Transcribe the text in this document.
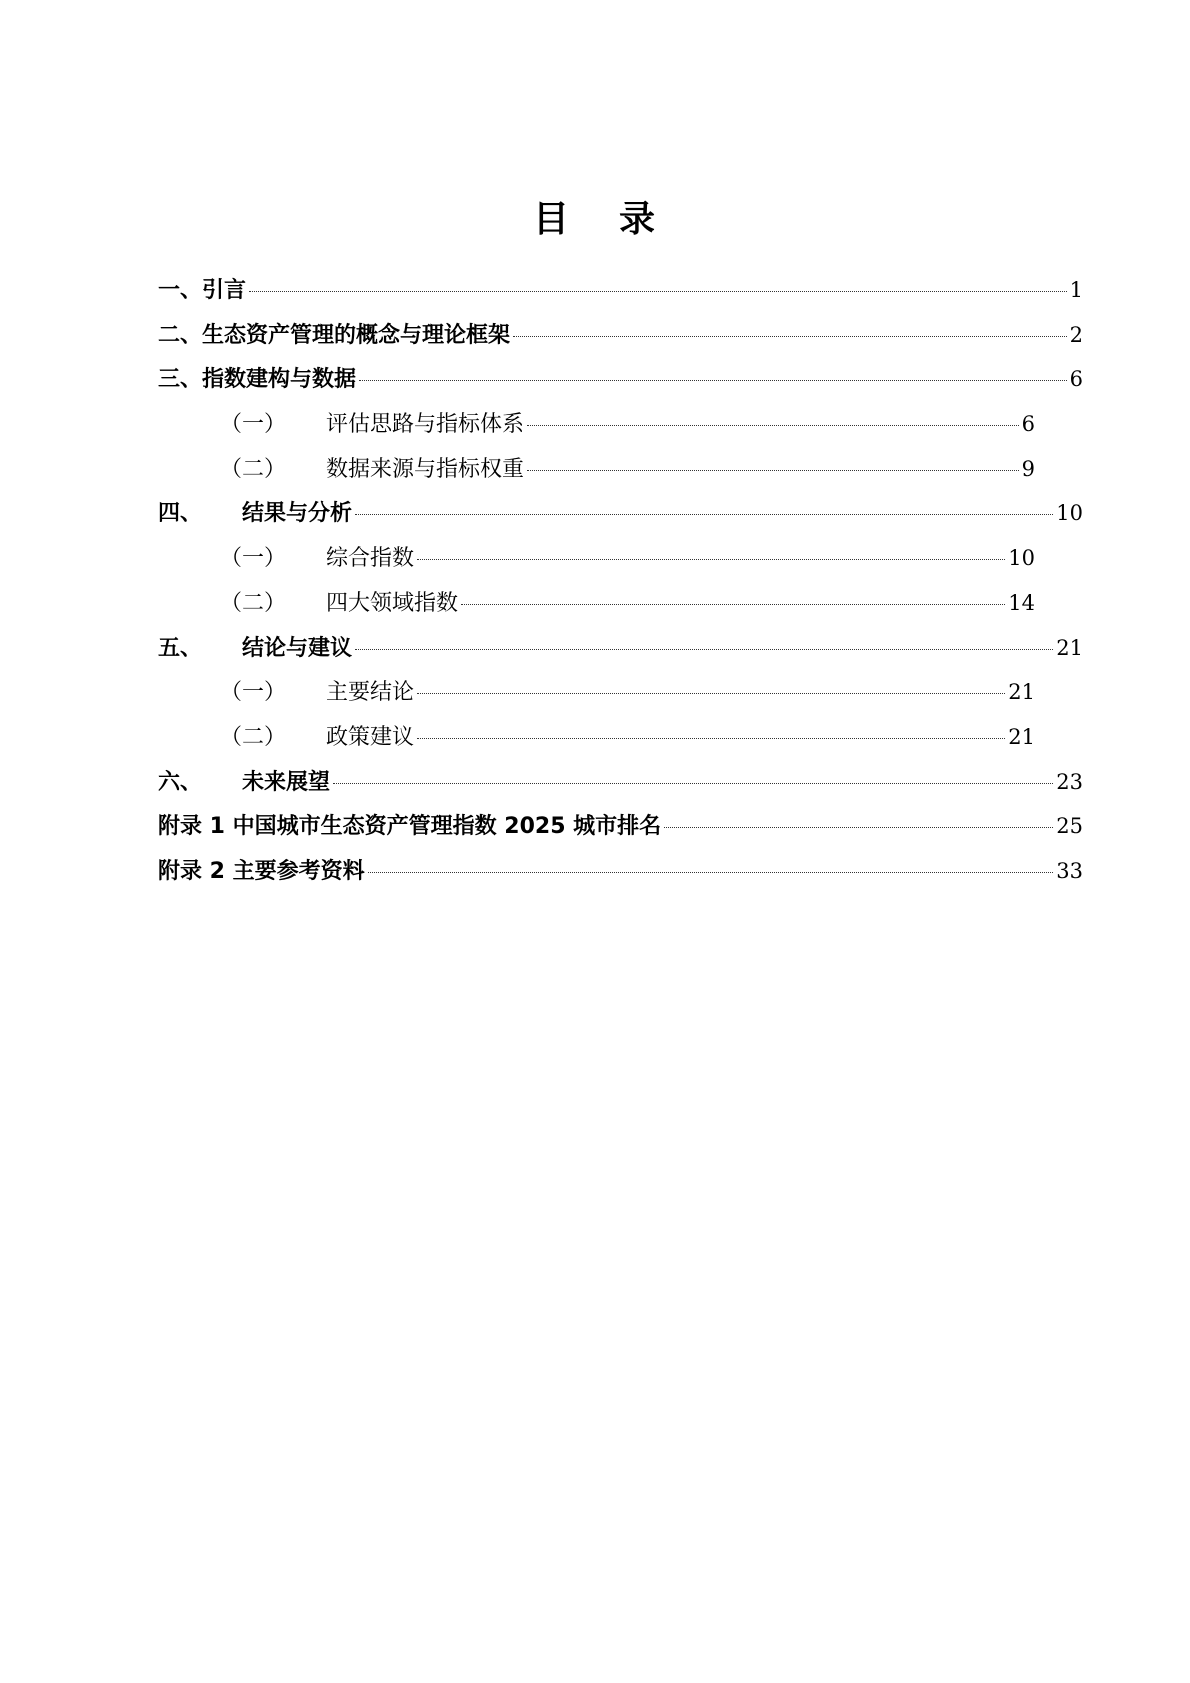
目 录
一、 引言	1
二、 生态资产管理的概念与理论框架	2
三、 指数建构与数据	6
（一）	评估思路与指标体系	6
（二）	数据来源与指标权重	9
四、	结果与分析	10
（一）	综合指数	10
（二）	四大领域指数	14
五、	结论与建议	21
（一）	主要结论	21
（二）	政策建议	21
六、	未来展望	23
附录 1 中国城市生态资产管理指数 2025 城市排名	25
附录 2 主要参考资料	33
